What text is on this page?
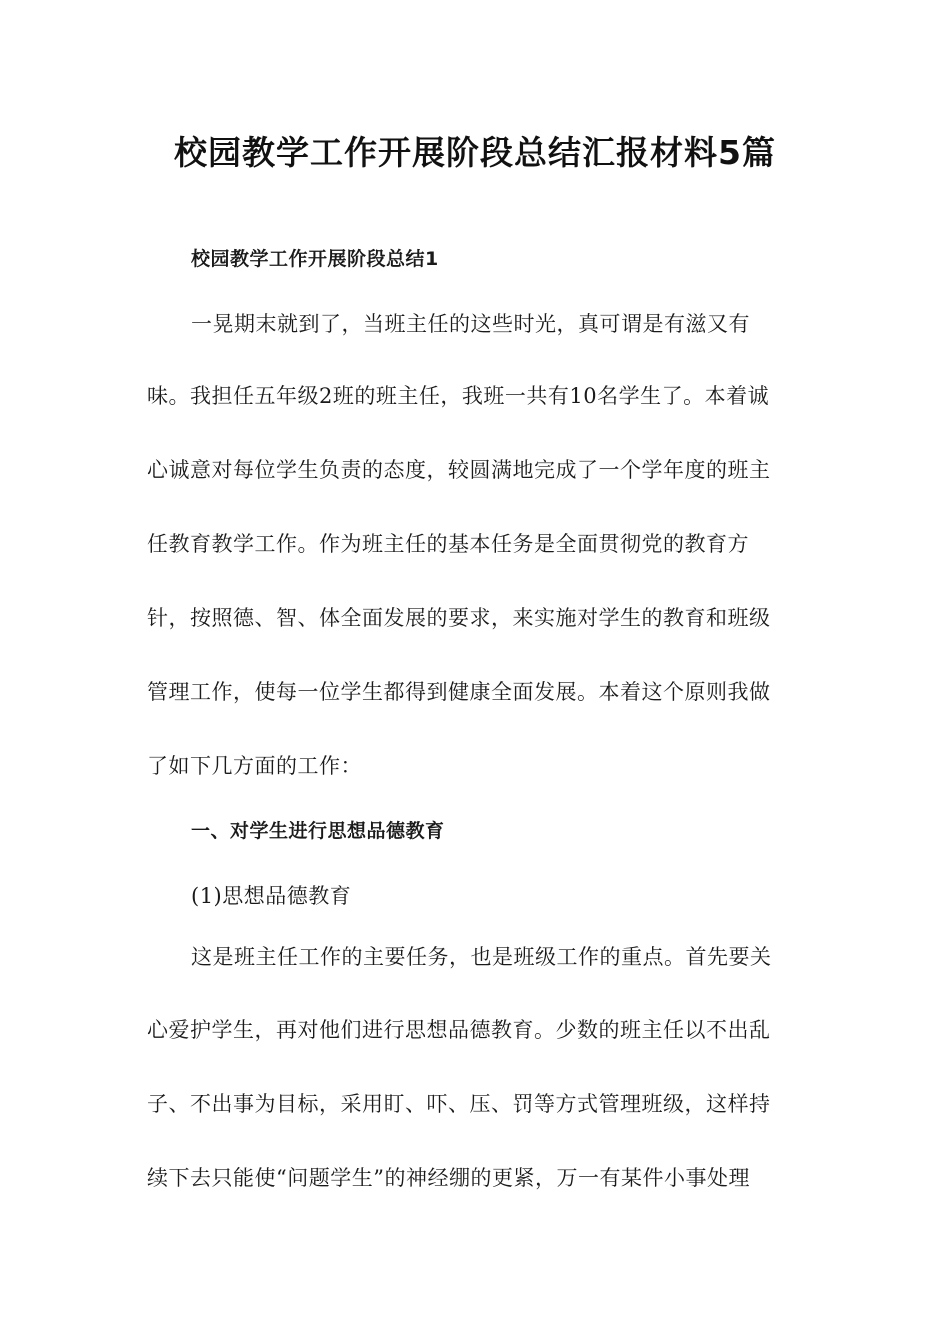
校园教学工作开展阶段总结汇报材料5篇
校园教学工作开展阶段总结1
一晃期末就到了，当班主任的这些时光，真可谓是有滋又有
味。我担任五年级2班的班主任，我班一共有10名学生了。本着诚
心诚意对每位学生负责的态度，较圆满地完成了一个学年度的班主
任教育教学工作。作为班主任的基本任务是全面贯彻党的教育方
针，按照德、智、体全面发展的要求，来实施对学生的教育和班级
管理工作，使每一位学生都得到健康全面发展。本着这个原则我做
了如下几方面的工作：
一、对学生进行思想品德教育
(1)思想品德教育
这是班主任工作的主要任务，也是班级工作的重点。首先要关
心爱护学生，再对他们进行思想品德教育。少数的班主任以不出乱
子、不出事为目标，采用盯、吓、压、罚等方式管理班级，这样持
续下去只能使“问题学生”的神经绷的更紧，万一有某件小事处理
